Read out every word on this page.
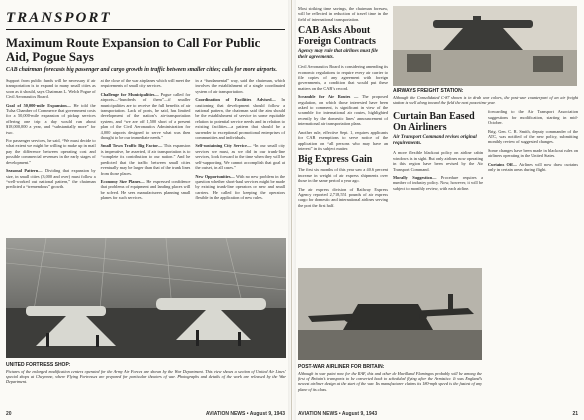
TRANSPORT
Maximum Route Expansion to Call For Public Aid, Pogue Says
CAB chairman forecasts big passenger and cargo growth in traffic between smaller cities; calls for more airports.

Support from public funds will be necessary if air transportation is to expand to many small cities as soon as it should, says Chairman L. Welch Pogue of Civil Aeronautics Board.

Goal of 50,000-mile Expansion— He told the Tulsa Chamber of Commerce that government costs for a 50,000-mile expansion of pickup services offering one trip a day would run about $18,000,000 a year, and “substantially more” for two.

For passenger services, he said, “We must decide to what extent we might be willing to make up in mail pay the difference between operating cost and possible commercial revenues in the early stages of development.”

Seasonal Pattern— Dividing that expansion by size, in small cities (3,000 and over) must follow a “well-worked out national pattern,” the chairman predicted a “tremendous” growth.

at the close of the war airplanes which will meet the requirements of small city services.

Challenge for Municipalities— Pogue called for airports—“hundreds of them”—if smaller municipalities are to receive the full benefits of air transportation. Lack of ports, he said, has limited development of the nation’s air-transportation system, and “we are off 1,500 short of a present plan of the Civil Aeronautics Administration for 4,000 airports designed to serve what was then thought to be our immediate needs.”

Small Town Traffic Big Factor— This expansion is imperative, he asserted, if air transportation is to “complete its contribution to our nation.” And he predicted that the traffic between small cities eventually may be larger than that of the trunk lines from those places.

Economy Size Planes— He expressed confidence that problems of equipment and landing places will be solved. He sees manufacturers planning small planes for such services.

in a “fundamental” way, said the chairman, which involves the establishment of a single coordinated system of air transportation.

Coordination of Facilities Advised— In cautioning that development should follow a national pattern, the chairman said the aim should be the establishment of service in some equitable relation to potential service needs and in relation to existing facilities—a pattern that should be a surrender to exceptional promotional enterprises of communities and individuals.

Self-sustaining City Service— “In our small city services we must, as we did in our trunk-line services, look forward to the time when they will be self-supporting. We cannot accomplish that goal at the outset, in all cases.”

New Opportunities— With no new problem in the question whether short-haul services might be made by existing trunk-line operators or new and small carriers. He called for keeping the operators flexible in the application of new rules.

UNITED FORTRESS SHOP:

Pictures of the enlarged modification centers operated for the Army Air Forces are shown by the War Department. This view shows a section of United Air Lines’ special shops at Cheyenne, where Flying Fortresses are prepared for particular theaters of war. Photographs and details of the work are released by the War Department.

20	AVIATION NEWS • August 9, 1943

Most striking time savings, the chairman foresaw, will be reflected in reduction of travel time in the field of international transportation.

CAB Asks About Foreign Contracts
Agency may rule that airlines must file their agreements.

Civil Aeronautics Board is considering amending its economic regulations to require every air carrier to file copies of any agreement with foreign governments, a condition that would put these matters on the CAB’s record.

Scramble for Air Routes — The proposed regulation, on which those interested have been asked to comment, is significant in view of the scramble for international air routes, highlighted recently by the domestic lines’ announcement of international air transportation plans.

Another rule, effective Sept. 1, requires applicants for CAB exemptions to serve notice of the application on “all persons who may have an interest” in its subject matter.

Big Express Gain

The first six months of this year saw a 40.6 percent increase in weight of air express shipments over those in the same period a year ago.

The air express division of Railway Express Agency reported 2,718,551 pounds of air express cargo for domestic and international airlines serving the port the first half.

AIRWAYS FREIGHT STATION:

Although the Consolidated C-87 shown is in drab war colors, the post-war counterpart of an air freight station is well along toward the field the next peacetime year.

Curtain Ban Eased On Airliners
Air Transport Command revises original requirements.

A more flexible blackout policy on airline cabin windows is in sight. But only airlines now operating in this region have been revised by the Air Transport Command.

Morally Suggestion— Procedure requires a number of industry policy. Now, however, it will be subject to monthly review, with each airline.

forwarding to the Air Transport Association suggestions for modification, starting in mid-October.

Brig. Gen. C. R. Smith, deputy commander of the ATC, was notified of the new policy, submitting monthly review of suggested changes.

Some changes have been made in blackout rules on airliners operating in the United States.

Curtains Off— Airlines will now draw curtains only in certain areas during flight.

POST-WAR AIRLINER FOR BRITAIN:

Although in war paint now for the RAF, this and other de Havilland Flamingos probably will be among the first of Britain’s transports to be converted back to scheduled flying after the Armistice. It was England’s newest airliner design at the start of the war. Its manufacturer claims its 180-mph speed is the fastest of any plane of its class.

AVIATION NEWS • August 9, 1943	21
